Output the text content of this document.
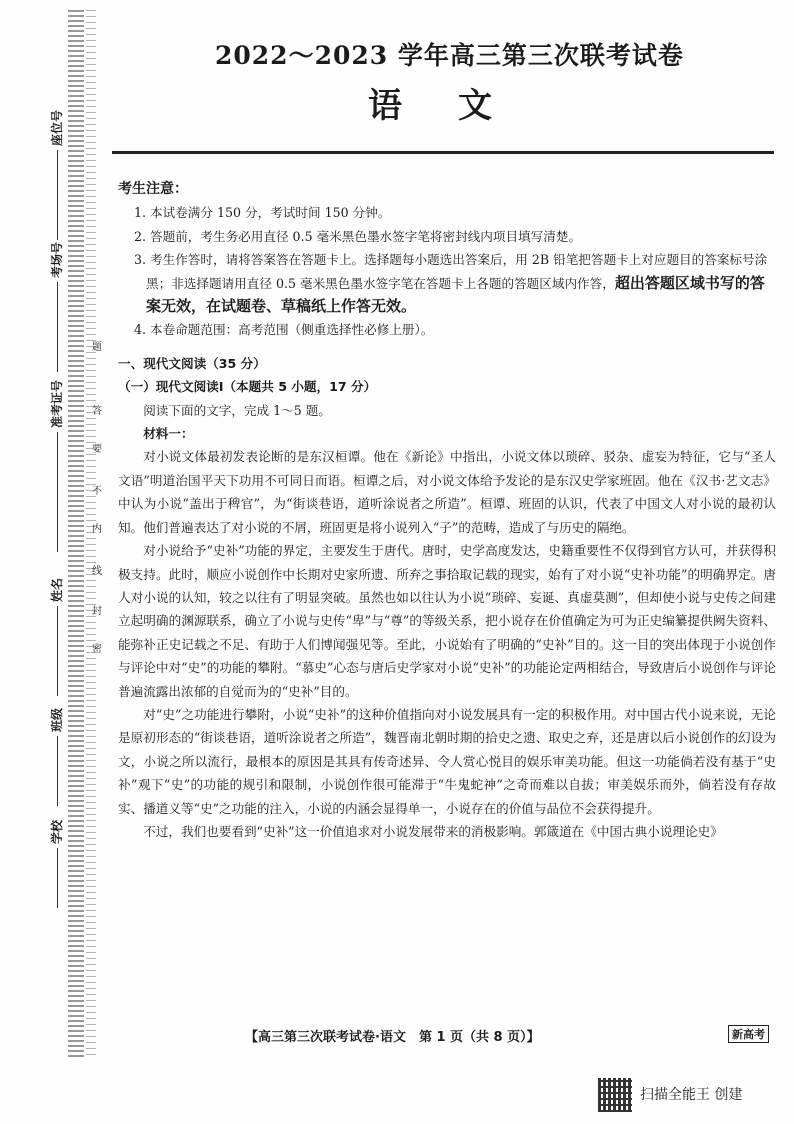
座位号
考场号
准考证号
姓名
班级
学校
题
答
要
不
内
线
封
密
2022～2023 学年高三第三次联考试卷
语文

考生注意：

1. 本试卷满分 150 分，考试时间 150 分钟。

2. 答题前，考生务必用直径 0.5 毫米黑色墨水签字笔将密封线内项目填写清楚。

3. 考生作答时，请将答案答在答题卡上。选择题每小题选出答案后，用 2B 铅笔把答题卡上对应题目的答案标号涂黑；非选择题请用直径 0.5 毫米黑色墨水签字笔在答题卡上各题的答题区域内作答，超出答题区域书写的答案无效，在试题卷、草稿纸上作答无效。

4. 本卷命题范围：高考范围（侧重选择性必修上册）。

一、现代文阅读（35 分）

（一）现代文阅读Ⅰ（本题共 5 小题，17 分）

阅读下面的文字，完成 1～5 题。

材料一：

对小说文体最初发表论断的是东汉桓谭。他在《新论》中指出，小说文体以琐碎、驳杂、虚妄为特征，它与“圣人文语”明道治国平天下功用不可同日而语。桓谭之后，对小说文体给予发论的是东汉史学家班固。他在《汉书·艺文志》中认为小说“盖出于稗官”，为“街谈巷语，道听涂说者之所造”。桓谭、班固的认识，代表了中国文人对小说的最初认知。他们普遍表达了对小说的不屑，班固更是将小说列入“子”的范畴，造成了与历史的隔绝。

对小说给予“史补”功能的界定，主要发生于唐代。唐时，史学高度发达，史籍重要性不仅得到官方认可，并获得积极支持。此时，顺应小说创作中长期对史家所遗、所弃之事拾取记载的现实，始有了对小说“史补功能”的明确界定。唐人对小说的认知，较之以往有了明显突破。虽然也如以往认为小说“琐碎、妄诞、真虚莫测”，但却使小说与史传之间建立起明确的渊源联系，确立了小说与史传“卑”与“尊”的等级关系，把小说存在价值确定为可为正史编纂提供阙失资料、能弥补正史记载之不足、有助于人们博闻强见等。至此，小说始有了明确的“史补”目的。这一目的突出体现于小说创作与评论中对“史”的功能的攀附。“慕史”心态与唐后史学家对小说“史补”的功能论定两相结合，导致唐后小说创作与评论普遍流露出浓郁的自觉而为的“史补”目的。

对“史”之功能进行攀附，小说“史补”的这种价值指向对小说发展具有一定的积极作用。对中国古代小说来说，无论是原初形态的“街谈巷语，道听涂说者之所造”，魏晋南北朝时期的拾史之遗、取史之弃，还是唐以后小说创作的幻设为文，小说之所以流行，最根本的原因是其具有传奇述异、令人赏心悦目的娱乐审美功能。但这一功能倘若没有基于“史补”观下“史”的功能的规引和限制，小说创作很可能滞于“牛鬼蛇神”之奇而难以自拔；审美娱乐而外，倘若没有存故实、播道义等“史”之功能的注入，小说的内涵会显得单一，小说存在的价值与品位不会获得提升。

不过，我们也要看到“史补”这一价值追求对小说发展带来的消极影响。郭箴道在《中国古典小说理论史》

【高三第三次联考试卷·语文　第 1 页（共 8 页）】	新高考
扫描全能王 创建
